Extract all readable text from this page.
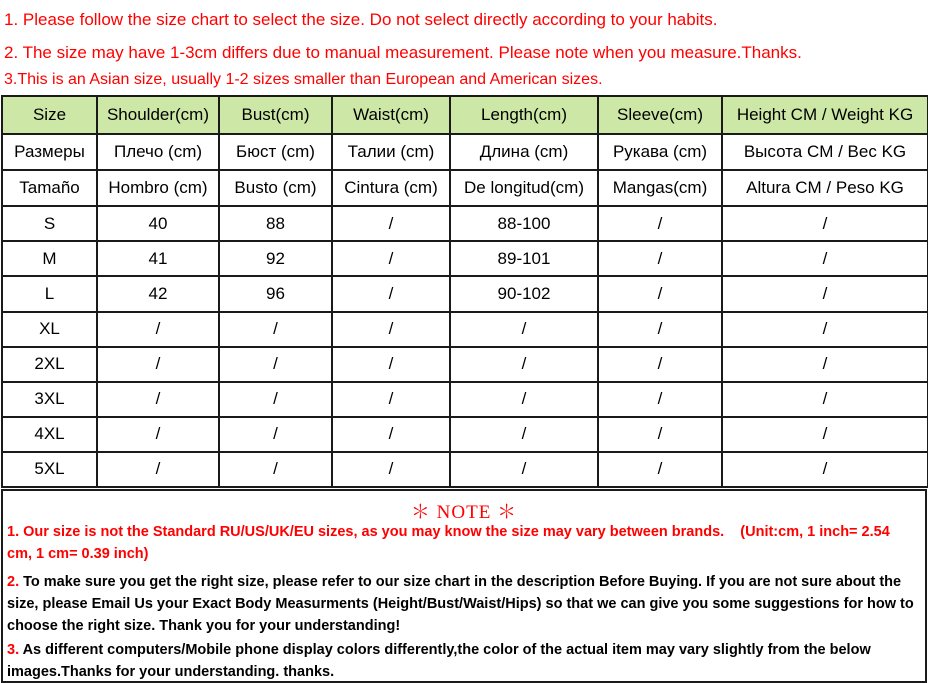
1. Please follow the size chart to select the size. Do not select directly according to your habits.
2. The size may have 1-3cm differs due to manual measurement. Please note when you measure.Thanks.
3.This is an Asian size, usually 1-2 sizes smaller than European and American sizes.
Size	Shoulder(cm)	Bust(cm)	Waist(cm)	Length(cm)	Sleeve(cm)	Height CM / Weight KG
Размеры	Плечо (cm)	Бюст (cm)	Талии (cm)	Длина (cm)	Рукава (cm)	Высота CM / Вес KG
Tamaño	Hombro (cm)	Busto (cm)	Cintura (cm)	De longitud(cm)	Mangas(cm)	Altura CM / Peso KG
S	40	88	/	88-100	/	/
M	41	92	/	89-101	/	/
L	42	96	/	90-102	/	/
XL	/	/	/	/	/	/
2XL	/	/	/	/	/	/
3XL	/	/	/	/	/	/
4XL	/	/	/	/	/	/
5XL	/	/	/	/	/	/
＊ NOTE ＊
1. Our size is not the Standard RU/US/UK/EU sizes, as you may know the size may vary between brands. (Unit:cm, 1 inch= 2.54 cm, 1 cm= 0.39 inch)
2. To make sure you get the right size, please refer to our size chart in the description Before Buying. If you are not sure about the size, please Email Us your Exact Body Measurments (Height/Bust/Waist/Hips) so that we can give you some suggestions for how to choose the right size. Thank you for your understanding!
3. As different computers/Mobile phone display colors differently,the color of the actual item may vary slightly from the below images.Thanks for your understanding. thanks.
